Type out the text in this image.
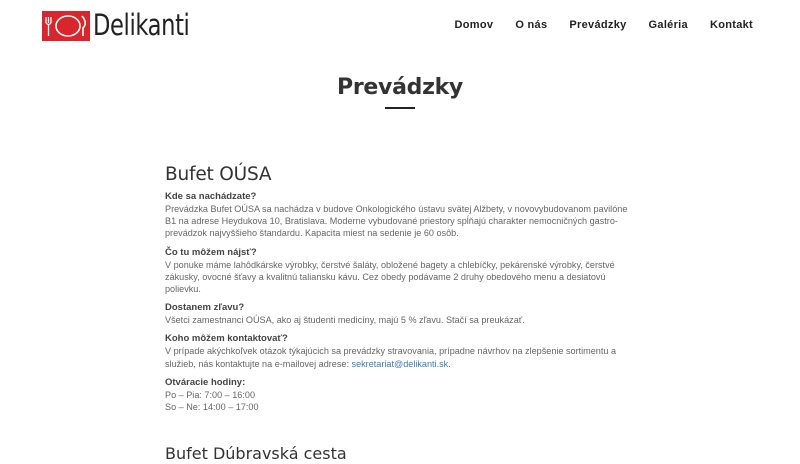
Delikanti	Domov O nás Prevádzky Galéria Kontakt
Prevádzky
Bufet OÚSA
Kde sa nachádzate?
Prevádzka Bufet OÚSA sa nachádza v budove Onkologického ústavu svätej Alžbety, v novovybudovanom pavilóne
B1 na adrese Heydukova 10, Bratislava. Moderne vybudované priestory spĺňajú charakter nemocničných gastro-
prevádzok najvyššieho štandardu. Kapacita miest na sedenie je 60 osôb.
Čo tu môžem nájsť?
V ponuke máme lahôdkárske výrobky, čerstvé šaláty, obložené bagety a chlebíčky, pekárenské výrobky, čerstvé
zákusky, ovocné šťavy a kvalitnú taliansku kávu. Cez obedy podávame 2 druhy obedového menu a desiatovú
polievku.
Dostanem zľavu?
Všetci zamestnanci OÚSA, ako aj študenti medicíny, majú 5 % zľavu. Stačí sa preukázať.
Koho môžem kontaktovať?
V prípade akýchkoľvek otázok týkajúcich sa prevádzky stravovania, prípadne návrhov na zlepšenie sortimentu a
služieb, nás kontaktujte na e-mailovej adrese: sekretariat@delikanti.sk.
Otváracie hodiny:
Po – Pia: 7:00 – 16:00
So – Ne: 14:00 – 17:00
Bufet Dúbravská cesta
